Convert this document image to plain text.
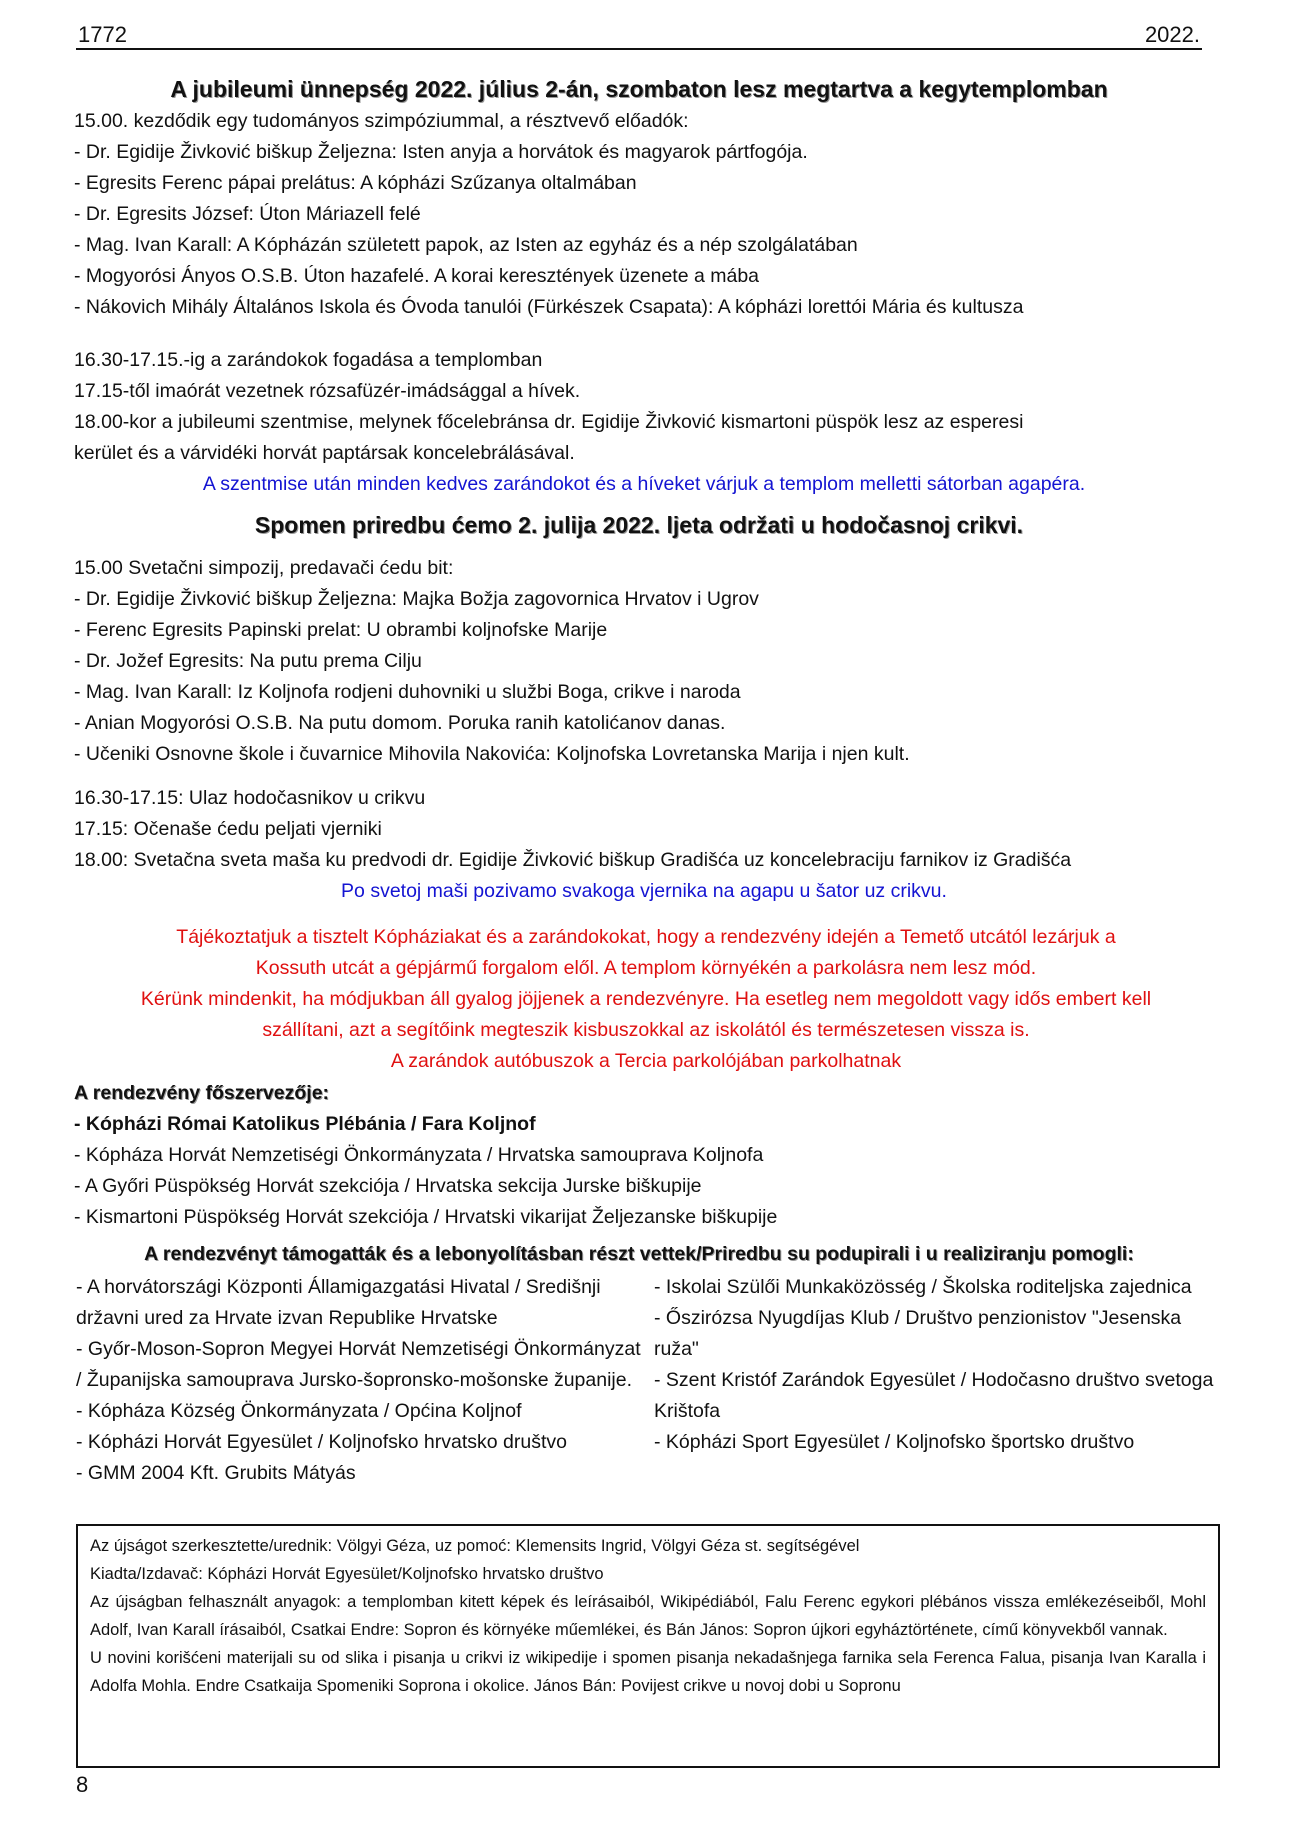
1772	2022.
A jubileumi ünnepség 2022. július 2-án, szombaton lesz megtartva a kegytemplomban
15.00. kezdődik egy tudományos szimpóziummal, a résztvevő előadók:
- Dr. Egidije Živković biškup Željezna: Isten anyja a horvátok és magyarok pártfogója.
- Egresits Ferenc pápai prelátus: A kópházi Szűzanya oltalmában
- Dr. Egresits József: Úton Máriazell felé
- Mag. Ivan Karall: A Kópházán született papok, az Isten az egyház és a nép szolgálatában
- Mogyorósi Ányos O.S.B. Úton hazafelé. A korai keresztények üzenete a mába
- Nákovich Mihály Általános Iskola és Óvoda tanulói (Fürkészek Csapata): A kópházi lorettói Mária és kultusza
16.30-17.15.-ig a zarándokok fogadása a templomban
17.15-től imaórát vezetnek rózsafüzér-imádsággal a hívek.
18.00-kor a jubileumi szentmise, melynek főcelebránsa dr. Egidije Živković kismartoni püspök lesz az esperesi
kerület és a várvidéki horvát paptársak koncelebrálásával.
A szentmise után minden kedves zarándokot és a híveket várjuk a templom melletti sátorban agapéra.
Spomen priredbu ćemo 2. julija 2022. ljeta održati u hodočasnoj crikvi.
15.00 Svetačni simpozij, predavači ćedu bit:
- Dr. Egidije Živković biškup Željezna: Majka Božja zagovornica Hrvatov i Ugrov
- Ferenc Egresits Papinski prelat: U obrambi koljnofske Marije
- Dr. Jožef Egresits: Na putu prema Cilju
- Mag. Ivan Karall: Iz Koljnofa rodjeni duhovniki u službi Boga, crikve i naroda
- Anian Mogyorósi O.S.B. Na putu domom. Poruka ranih katolićanov danas.
- Učeniki Osnovne škole i čuvarnice Mihovila Nakovića: Koljnofska Lovretanska Marija i njen kult.
16.30-17.15: Ulaz hodočasnikov u crikvu
17.15: Očenaše ćedu peljati vjerniki
18.00: Svetačna sveta maša ku predvodi dr. Egidije Živković biškup Gradišća uz koncelebraciju farnikov iz Gradišća
Po svetoj maši pozivamo svakoga vjernika na agapu u šator uz crikvu.
Tájékoztatjuk a tisztelt Kópháziakat és a zarándokokat, hogy a rendezvény idején a Temető utcától lezárjuk a
Kossuth utcát a gépjármű forgalom elől. A templom környékén a parkolásra nem lesz mód.
Kérünk mindenkit, ha módjukban áll gyalog jöjjenek a rendezvényre. Ha esetleg nem megoldott vagy idős embert kell
szállítani, azt a segítőink megteszik kisbuszokkal az iskolától és természetesen vissza is.
A zarándok autóbuszok a Tercia parkolójában parkolhatnak
A rendezvény főszervezője:
- Kópházi Római Katolikus Plébánia / Fara Koljnof
- Kópháza Horvát Nemzetiségi Önkormányzata / Hrvatska samouprava Koljnofa
- A Győri Püspökség Horvát szekciója / Hrvatska sekcija Jurske biškupije
- Kismartoni Püspökség Horvát szekciója / Hrvatski vikarijat Željezanske biškupije
A rendezvényt támogatták és a lebonyolításban részt vettek/Priredbu su podupirali i u realiziranju pomogli:
- A horvátországi Központi Államigazgatási Hivatal / Središnji državni ured za Hrvate izvan Republike Hrvatske
- Győr-Moson-Sopron Megyei Horvát Nemzetiségi Önkormányzat / Županijska samouprava Jursko-šopronsko-mošonske županije.
- Kópháza Község Önkormányzata / Općina Koljnof
- Kópházi Horvát Egyesület / Koljnofsko hrvatsko društvo
- GMM 2004 Kft. Grubits Mátyás
- Iskolai Szülői Munkaközösség / Školska roditeljska zajednica
- Őszirózsa Nyugdíjas Klub / Društvo penzionistov "Jesenska ruža"
- Szent Kristóf Zarándok Egyesület / Hodočasno društvo svetoga Krištofa
- Kópházi Sport Egyesület / Koljnofsko športsko društvo

Az újságot szerkesztette/urednik: Völgyi Géza, uz pomoć: Klemensits Ingrid, Völgyi Géza st. segítségével

Kiadta/Izdavač: Kópházi Horvát Egyesület/Koljnofsko hrvatsko društvo

Az újságban felhasznált anyagok: a templomban kitett képek és leírásaiból, Wikipédiából, Falu Ferenc egykori plébános vissza emlékezéseiből, Mohl Adolf, Ivan Karall írásaiból, Csatkai Endre: Sopron és környéke műemlékei, és Bán János: Sopron újkori egyháztörténete, című könyvekből vannak.

U novini korišćeni materijali su od slika i pisanja u crikvi iz wikipedije i spomen pisanja nekadašnjega farnika sela Ferenca Falua, pisanja Ivan Karalla i Adolfa Mohla. Endre Csatkaija Spomeniki Soprona i okolice. János Bán: Povijest crikve u novoj dobi u Sopronu

8
